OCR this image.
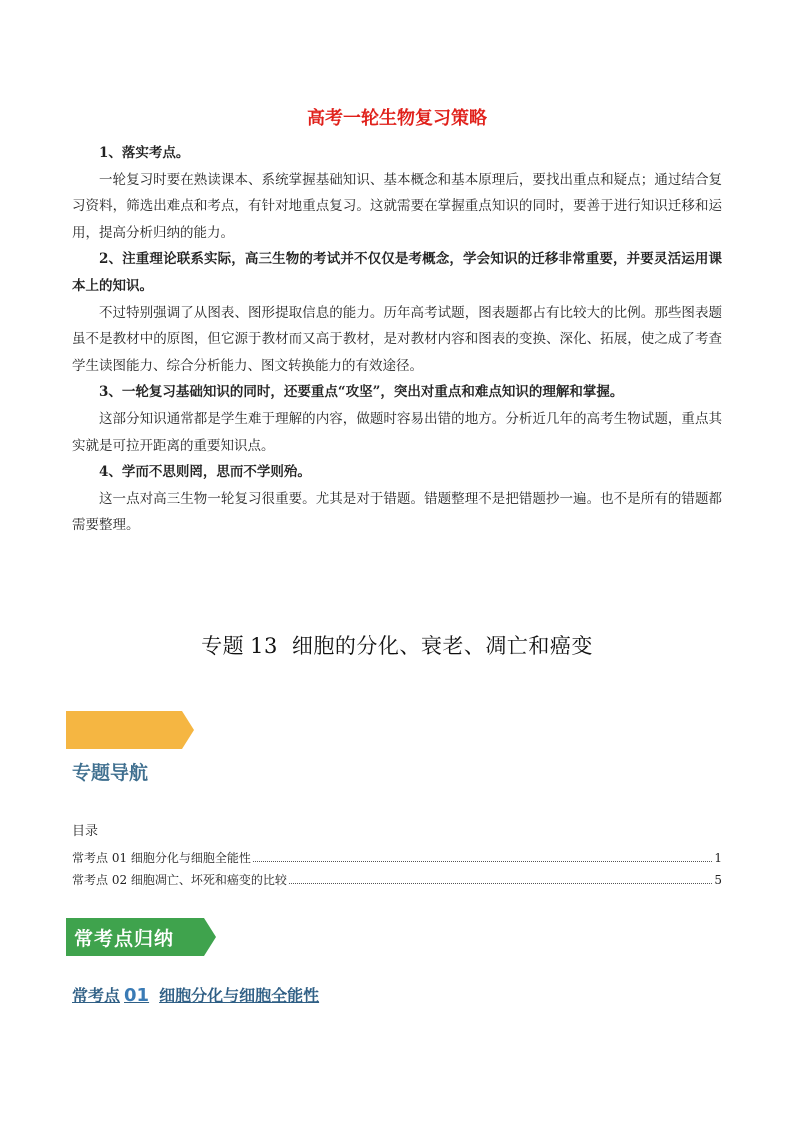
高考一轮生物复习策略

1、落实考点。

一轮复习时要在熟读课本、系统掌握基础知识、基本概念和基本原理后，要找出重点和疑点；通过结合复习资料，筛选出难点和考点，有针对地重点复习。这就需要在掌握重点知识的同时，要善于进行知识迁移和运用，提高分析归纳的能力。

2、注重理论联系实际，高三生物的考试并不仅仅是考概念，学会知识的迁移非常重要，并要灵活运用课本上的知识。

不过特别强调了从图表、图形提取信息的能力。历年高考试题，图表题都占有比较大的比例。那些图表题虽不是教材中的原图，但它源于教材而又高于教材，是对教材内容和图表的变换、深化、拓展，使之成了考查学生读图能力、综合分析能力、图文转换能力的有效途径。

3、一轮复习基础知识的同时，还要重点“攻坚”，突出对重点和难点知识的理解和掌握。

这部分知识通常都是学生难于理解的内容，做题时容易出错的地方。分析近几年的高考生物试题，重点其实就是可拉开距离的重要知识点。

4、学而不思则罔，思而不学则殆。

这一点对高三生物一轮复习很重要。尤其是对于错题。错题整理不是把错题抄一遍。也不是所有的错题都需要整理。

专题 13 细胞的分化、衰老、凋亡和癌变
专题导航
目录
常考点 01 细胞分化与细胞全能性	1
常考点 02 细胞凋亡、坏死和癌变的比较	5
常考点归纳
常考点 01 细胞分化与细胞全能性
